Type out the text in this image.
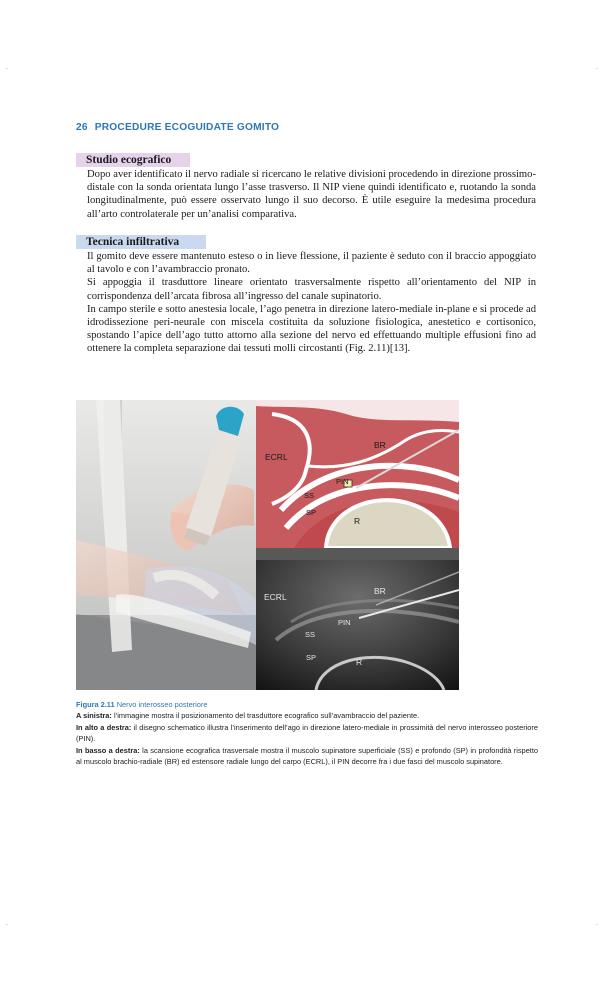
·	·
·	·
26 PROCEDURE ECOGUIDATE GOMITO
Studio ecografico

Dopo aver identificato il nervo radiale si ricercano le relative divisioni procedendo in direzione prossimo-distale con la sonda orientata lungo l’asse trasverso. Il NIP viene quindi identificato e, ruotando la sonda longitudinalmente, può essere osservato lungo il suo decorso. È utile eseguire la medesima procedura all’arto controlaterale per un’analisi comparativa.

Tecnica infiltrativa

Il gomito deve essere mantenuto esteso o in lieve flessione, il paziente è seduto con il braccio appoggiato al tavolo e con l’avambraccio pronato.
Si appoggia il trasduttore lineare orientato trasversalmente rispetto all’orientamento del NIP in corrispondenza dell’arcata fibrosa all’ingresso del canale supinatorio.
In campo sterile e sotto anestesia locale, l’ago penetra in direzione latero-mediale in-plane e si procede ad idrodissezione peri-neurale con miscela costituita da soluzione fisiologica, anestetico e cortisonico, spostando l’apice dell’ago tutto attorno alla sezione del nervo ed effettuando multiple effusioni fino ad ottenere la completa separazione dai tessuti molli circostanti (Fig. 2.11)[13].

ECRL
BR
PIN
SS
SP
R
ECRL
BR
PIN
SS
SP	R

Figura 2.11 Nervo interosseo posteriore

A sinistra: l’immagine mostra il posizionamento del trasduttore ecografico sull’avambraccio del paziente.

In alto a destra: il disegno schematico illustra l’inserimento dell’ago in direzione latero-mediale in prossimità del nervo interosseo posteriore (PIN).

In basso a destra: la scansione ecografica trasversale mostra il muscolo supinatore superficiale (SS) e profondo (SP) in profondità rispetto al muscolo brachio-radiale (BR) ed estensore radiale lungo del carpo (ECRL), il PIN decorre fra i due fasci del muscolo supinatore.
